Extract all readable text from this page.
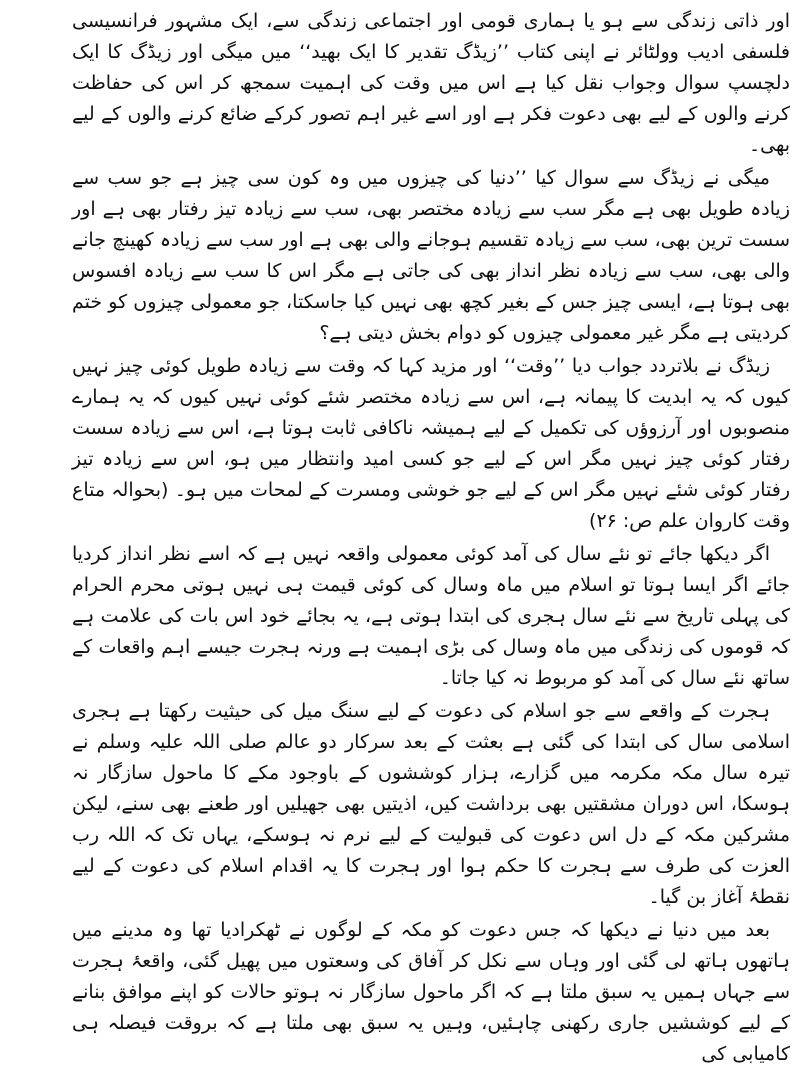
اور ذاتی زندگی سے ہو یا ہماری قومی اور اجتماعی زندگی سے، ایک مشہور فرانسیسی فلسفی ادیب وولٹائر نے اپنی کتاب ’’زیڈگ تقدیر کا ایک بھید‘‘ میں میگی اور زیڈگ کا ایک دلچسپ سوال وجواب نقل کیا ہے اس میں وقت کی اہمیت سمجھ کر اس کی حفاظت کرنے والوں کے لیے بھی دعوت فکر ہے اور اسے غیر اہم تصور کرکے ضائع کرنے والوں کے لیے بھی۔

میگی نے زیڈگ سے سوال کیا ’’دنیا کی چیزوں میں وہ کون سی چیز ہے جو سب سے زیادہ طویل بھی ہے مگر سب سے زیادہ مختصر بھی، سب سے زیادہ تیز رفتار بھی ہے اور سست ترین بھی، سب سے زیادہ تقسیم ہوجانے والی بھی ہے اور سب سے زیادہ کھینچ جانے والی بھی، سب سے زیادہ نظر انداز بھی کی جاتی ہے مگر اس کا سب سے زیادہ افسوس بھی ہوتا ہے، ایسی چیز جس کے بغیر کچھ بھی نہیں کیا جاسکتا، جو معمولی چیزوں کو ختم کردیتی ہے مگر غیر معمولی چیزوں کو دوام بخش دیتی ہے؟

زیڈگ نے بلاتردد جواب دیا ’’وقت‘‘ اور مزید کہا کہ وقت سے زیادہ طویل کوئی چیز نہیں کیوں کہ یہ ابدیت کا پیمانہ ہے، اس سے زیادہ مختصر شئے کوئی نہیں کیوں کہ یہ ہمارے منصوبوں اور آرزوؤں کی تکمیل کے لیے ہمیشہ ناکافی ثابت ہوتا ہے، اس سے زیادہ سست رفتار کوئی چیز نہیں مگر اس کے لیے جو کسی امید وانتظار میں ہو، اس سے زیادہ تیز رفتار کوئی شئے نہیں مگر اس کے لیے جو خوشی ومسرت کے لمحات میں ہو۔ (بحوالہ متاع وقت کاروان علم ص: ۲۶)

اگر دیکھا جائے تو نئے سال کی آمد کوئی معمولی واقعہ نہیں ہے کہ اسے نظر انداز کردیا جائے اگر ایسا ہوتا تو اسلام میں ماہ وسال کی کوئی قیمت ہی نہیں ہوتی محرم الحرام کی پہلی تاریخ سے نئے سال ہجری کی ابتدا ہوتی ہے، یہ بجائے خود اس بات کی علامت ہے کہ قوموں کی زندگی میں ماہ وسال کی بڑی اہمیت ہے ورنہ ہجرت جیسے اہم واقعات کے ساتھ نئے سال کی آمد کو مربوط نہ کیا جاتا۔

ہجرت کے واقعے سے جو اسلام کی دعوت کے لیے سنگ میل کی حیثیت رکھتا ہے ہجری اسلامی سال کی ابتدا کی گئی ہے بعثت کے بعد سرکار دو عالم صلی اللہ علیہ وسلم نے تیرہ سال مکہ مکرمہ میں گزارے، ہزار کوششوں کے باوجود مکے کا ماحول سازگار نہ ہوسکا، اس دوران مشقتیں بھی برداشت کیں، اذیتیں بھی جھیلیں اور طعنے بھی سنے، لیکن مشرکین مکہ کے دل اس دعوت کی قبولیت کے لیے نرم نہ ہوسکے، یہاں تک کہ اللہ رب العزت کی طرف سے ہجرت کا حکم ہوا اور ہجرت کا یہ اقدام اسلام کی دعوت کے لیے نقطۂ آغاز بن گیا۔

بعد میں دنیا نے دیکھا کہ جس دعوت کو مکہ کے لوگوں نے ٹھکرادیا تھا وہ مدینے میں ہاتھوں ہاتھ لی گئی اور وہاں سے نکل کر آفاق کی وسعتوں میں پھیل گئی، واقعۂ ہجرت سے جہاں ہمیں یہ سبق ملتا ہے کہ اگر ماحول سازگار نہ ہوتو حالات کو اپنے موافق بنانے کے لیے کوششیں جاری رکھنی چاہئیں، وہیں یہ سبق بھی ملتا ہے کہ بروقت فیصلہ ہی کامیابی کی
